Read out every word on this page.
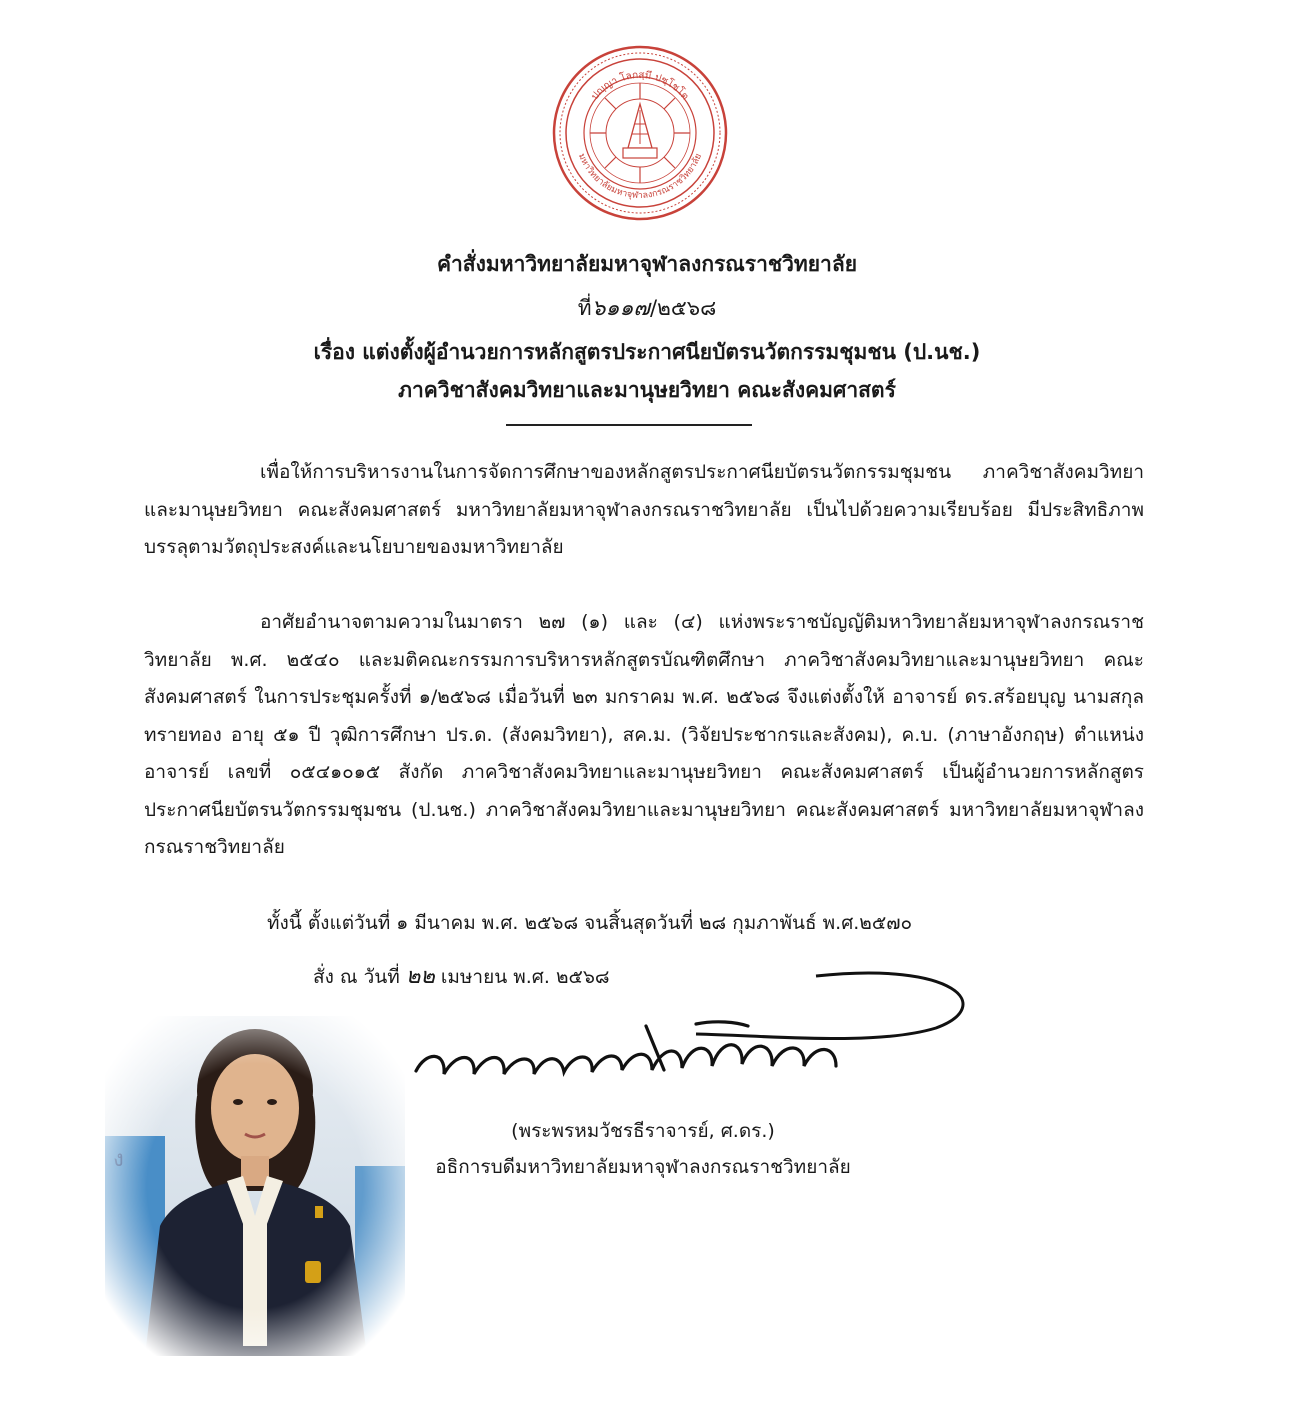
ปญฺญา โลกสฺมึ ปชฺโชโต
มหาวิทยาลัยมหาจุฬาลงกรณราชวิทยาลัย
คำสั่งมหาวิทยาลัยมหาจุฬาลงกรณราชวิทยาลัย
ที่๖๑๑๗/๒๕๖๘
เรื่อง แต่งตั้งผู้อำนวยการหลักสูตรประกาศนียบัตรนวัตกรรมชุมชน (ป.นช.)
ภาควิชาสังคมวิทยาและมานุษยวิทยา คณะสังคมศาสตร์
เพื่อให้การบริหารงานในการจัดการศึกษาของหลักสูตรประกาศนียบัตรนวัตกรรมชุมชน ภาควิชาสังคมวิทยาและมานุษยวิทยา คณะสังคมศาสตร์ มหาวิทยาลัยมหาจุฬาลงกรณราชวิทยาลัย เป็นไปด้วยความเรียบร้อย มีประสิทธิภาพ บรรลุตามวัตถุประสงค์และนโยบายของมหาวิทยาลัย
อาศัยอำนาจตามความในมาตรา ๒๗ (๑) และ (๔) แห่งพระราชบัญญัติมหาวิทยาลัยมหาจุฬาลงกรณราชวิทยาลัย พ.ศ. ๒๕๔๐ และมติคณะกรรมการบริหารหลักสูตรบัณฑิตศึกษา ภาควิชาสังคมวิทยาและมานุษยวิทยา คณะสังคมศาสตร์ ในการประชุมครั้งที่ ๑/๒๕๖๘ เมื่อวันที่ ๒๓ มกราคม พ.ศ. ๒๕๖๘ จึงแต่งตั้งให้ อาจารย์ ดร.สร้อยบุญ นามสกุล ทรายทอง อายุ ๕๑ ปี วุฒิการศึกษา ปร.ด. (สังคมวิทยา), สค.ม. (วิจัยประชากรและสังคม), ค.บ. (ภาษาอังกฤษ) ตำแหน่ง อาจารย์ เลขที่ ๐๕๔๑๐๑๕ สังกัด ภาควิชาสังคมวิทยาและมานุษยวิทยา คณะสังคมศาสตร์ เป็นผู้อำนวยการหลักสูตรประกาศนียบัตรนวัตกรรมชุมชน (ป.นช.) ภาควิชาสังคมวิทยาและมานุษยวิทยา คณะสังคมศาสตร์ มหาวิทยาลัยมหาจุฬาลงกรณราชวิทยาลัย
ทั้งนี้ ตั้งแต่วันที่ ๑ มีนาคม พ.ศ. ๒๕๖๘ จนสิ้นสุดวันที่ ๒๘ กุมภาพันธ์ พ.ศ.๒๕๗๐
สั่ง ณ วันที่ ๒๒ เมษายน พ.ศ. ๒๕๖๘
(พระพรหมวัชรธีราจารย์, ศ.ดร.)
อธิการบดีมหาวิทยาลัยมหาจุฬาลงกรณราชวิทยาลัย
